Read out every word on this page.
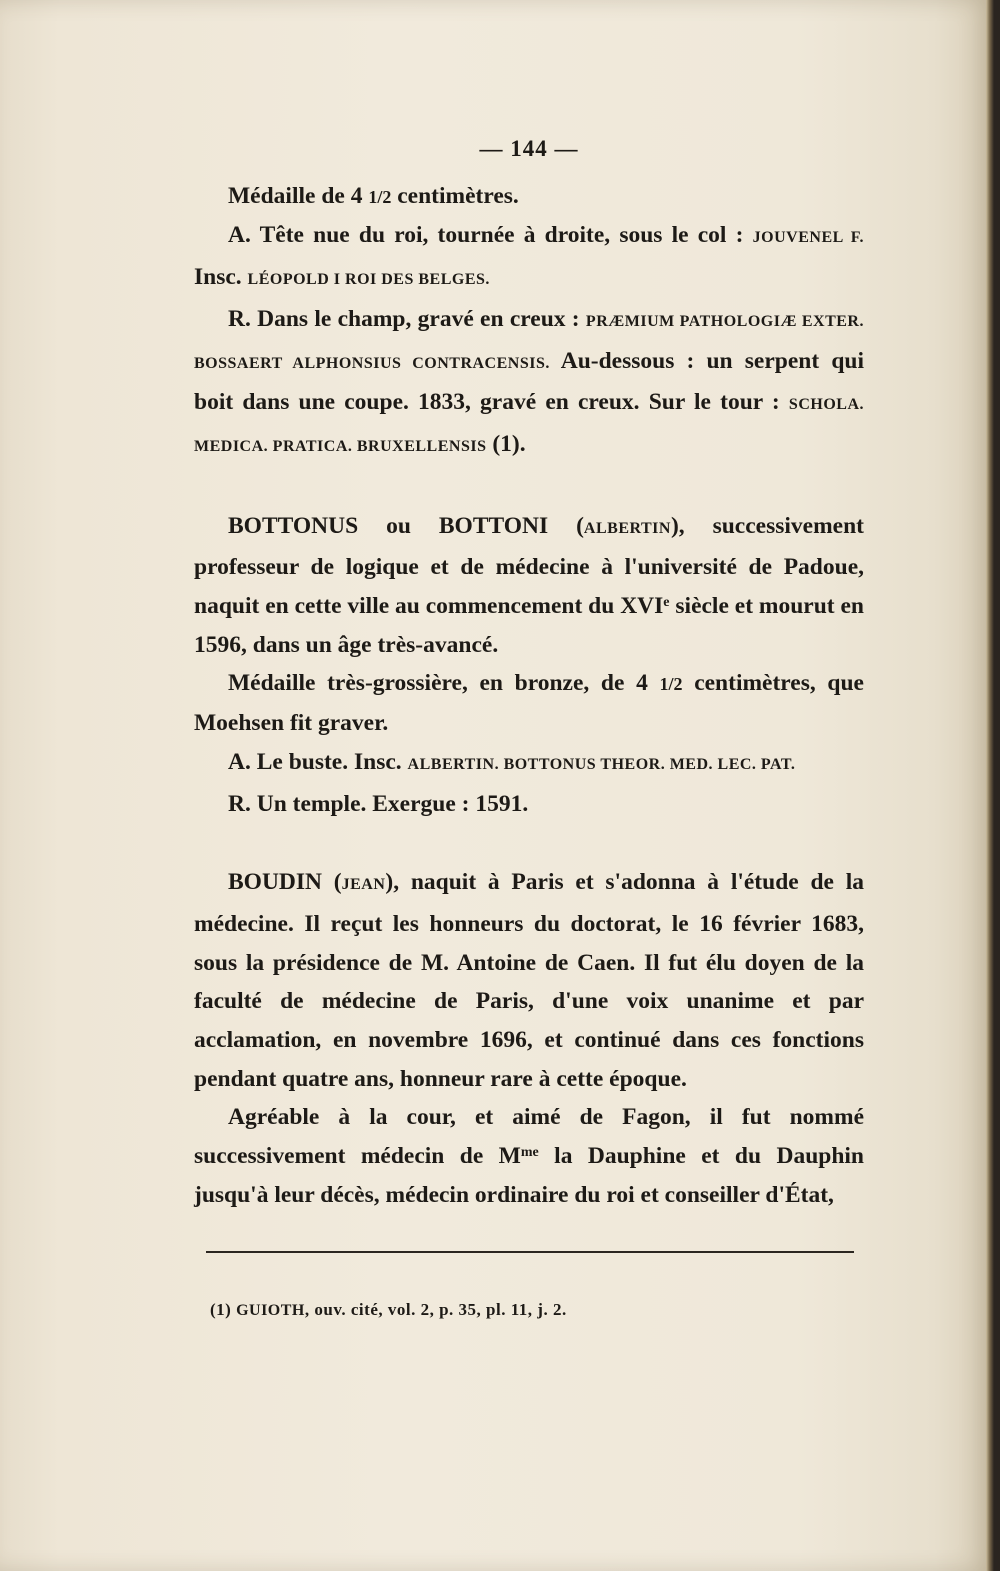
— 144 —

Médaille de 4 1/2 centimètres.

A. Tête nue du roi, tournée à droite, sous le col : JOUVENEL F. Insc. LÉOPOLD I ROI DES BELGES.

R. Dans le champ, gravé en creux : PRÆMIUM PATHOLOGIÆ EXTER. BOSSAERT ALPHONSIUS CONTRACENSIS. Au-dessous : un serpent qui boit dans une coupe. 1833, gravé en creux. Sur le tour : SCHOLA. MEDICA. PRATICA. BRUXELLENSIS (1).

BOTTONUS ou BOTTONI (ALBERTIN), successivement professeur de logique et de médecine à l'université de Padoue, naquit en cette ville au commencement du XVIe siècle et mourut en 1596, dans un âge très-avancé.

Médaille très-grossière, en bronze, de 4 1/2 centimètres, que Moehsen fit graver.

A. Le buste. Insc. ALBERTIN. BOTTONUS THEOR. MED. LEC. PAT.

R. Un temple. Exergue : 1591.

BOUDIN (JEAN), naquit à Paris et s'adonna à l'étude de la médecine. Il reçut les honneurs du doctorat, le 16 février 1683, sous la présidence de M. Antoine de Caen. Il fut élu doyen de la faculté de médecine de Paris, d'une voix unanime et par acclamation, en novembre 1696, et continué dans ces fonctions pendant quatre ans, honneur rare à cette époque.

Agréable à la cour, et aimé de Fagon, il fut nommé successivement médecin de $M^{me}$ la Dauphine et du Dauphin jusqu'à leur décès, médecin ordinaire du roi et conseiller d'État,

(1) GUIOTH, ouv. cité, vol. 2, p. 35, pl. 11, j. 2.
